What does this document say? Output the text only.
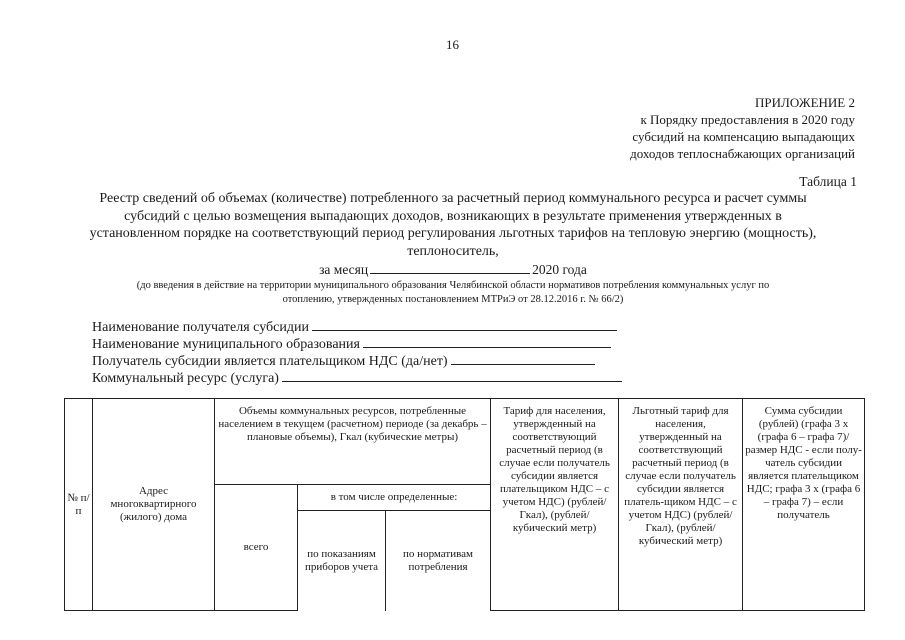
16
ПРИЛОЖЕНИЕ 2
к Порядку предоставления в 2020 году
субсидий на компенсацию выпадающих
доходов теплоснабжающих организаций
Таблица 1
Реестр сведений об объемах (количестве) потребленного за расчетный период коммунального ресурса и расчет суммы
субсидий с целью возмещения выпадающих доходов, возникающих в результате применения утвержденных в
установленном порядке на соответствующий период регулирования льготных тарифов на тепловую энергию (мощность),
теплоноситель,
за месяц	2020 года
(до введения в действие на территории муниципального образования Челябинской области нормативов потребления коммунальных услуг по
отоплению, утвержденных постановлением МТРиЭ от 28.12.2016 г. № 66/2)
Наименование получателя субсидии
Наименование муниципального образования
Получатель субсидии является плательщиком НДС (да/нет)
Коммунальный ресурс (услуга)
№ п/п	Адрес многоквартирного (жилого) дома	Объемы коммунальных ресурсов, потребленные населением в текущем (расчетном) периоде (за декабрь – плановые объемы), Гкал (кубические метры)			Тариф для населения, утвержденный на соответствующий расчетный период (в случае если получатель субсидии является плательщиком НДС – с учетом НДС) (рублей/Гкал), (рублей/кубический метр)	Льготный тариф для населения, утвержденный на соответствующий расчетный период (в случае если получатель субсидии является платель-щиком НДС – с учетом НДС) (рублей/Гкал), (рублей/кубический метр)	Сумма субсидии (рублей) (графа 3 х (графа 6 – графа 7)/размер НДС - если полу-чатель субсидии является плательщиком НДС; графа 3 х (графа 6 – графа 7) – если получатель
		всего	в том числе определенные:				
			по показаниям приборов учета	по нормативам потребления			
